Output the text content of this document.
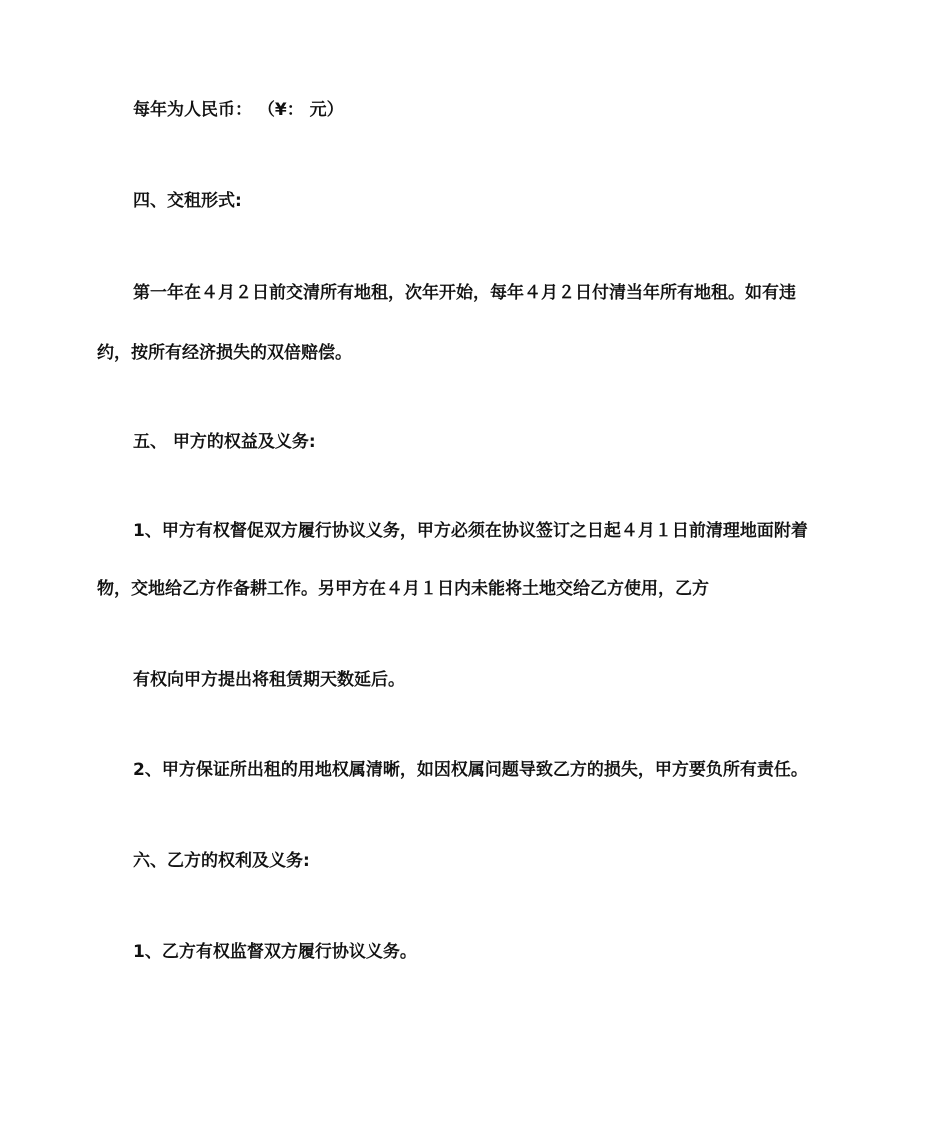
每年为人民币： （¥： 元）
四、交租形式:
第一年在４月２日前交清所有地租，次年开始，每年４月２日付清当年所有地租。如有违
约，按所有经济损失的双倍赔偿。
五、 甲方的权益及义务:
1、甲方有权督促双方履行协议义务，甲方必须在协议签订之日起４月１日前清理地面附着
物，交地给乙方作备耕工作。另甲方在４月１日内未能将土地交给乙方使用，乙方
有权向甲方提出将租赁期天数延后。
2、甲方保证所出租的用地权属清晰，如因权属问题导致乙方的损失，甲方要负所有责任。
六、乙方的权利及义务:
1、乙方有权监督双方履行协议义务。
